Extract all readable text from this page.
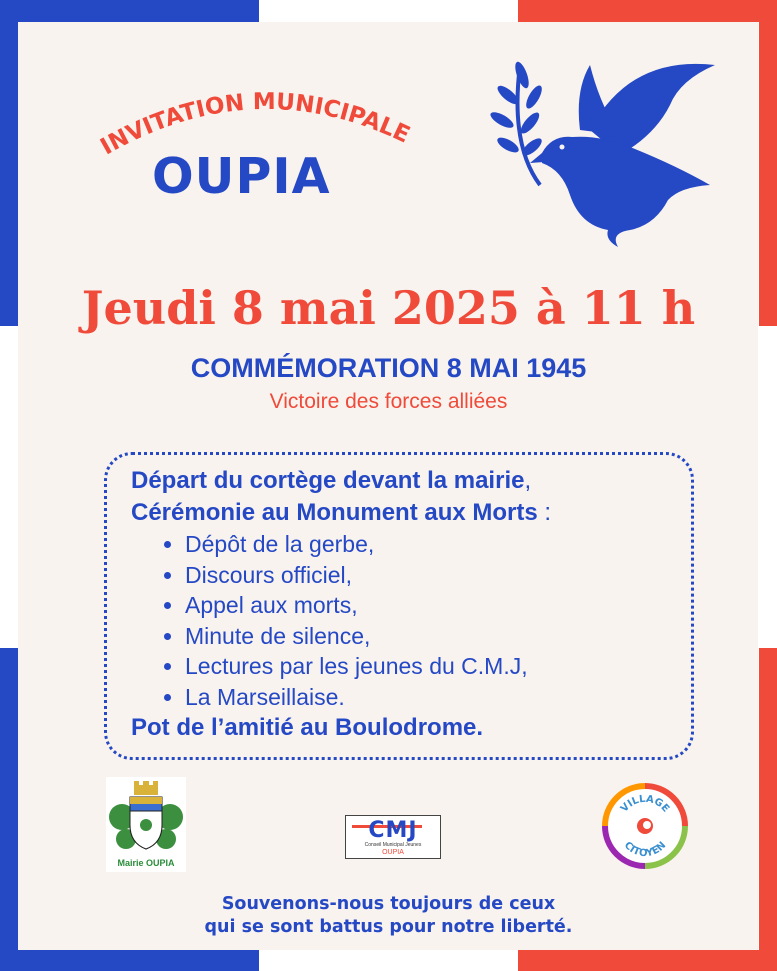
INVITATION MUNICIPALE
OUPIA
Jeudi 8 mai 2025 à 11 h
COMMÉMORATION 8 MAI 1945
Victoire des forces alliées
Départ du cortège devant la mairie,
Cérémonie au Monument aux Morts :
• Dépôt de la gerbe,
• Discours officiel,
• Appel aux morts,
• Minute de silence,
• Lectures par les jeunes du C.M.J,
• La Marseillaise.
Pot de l’amitié au Boulodrome.
Mairie OUPIA
CMJ
Conseil Municipal Jeunes
OUPIA
VILLAGE
CITOYEN
Souvenons-nous toujours de ceux
qui se sont battus pour notre liberté.
